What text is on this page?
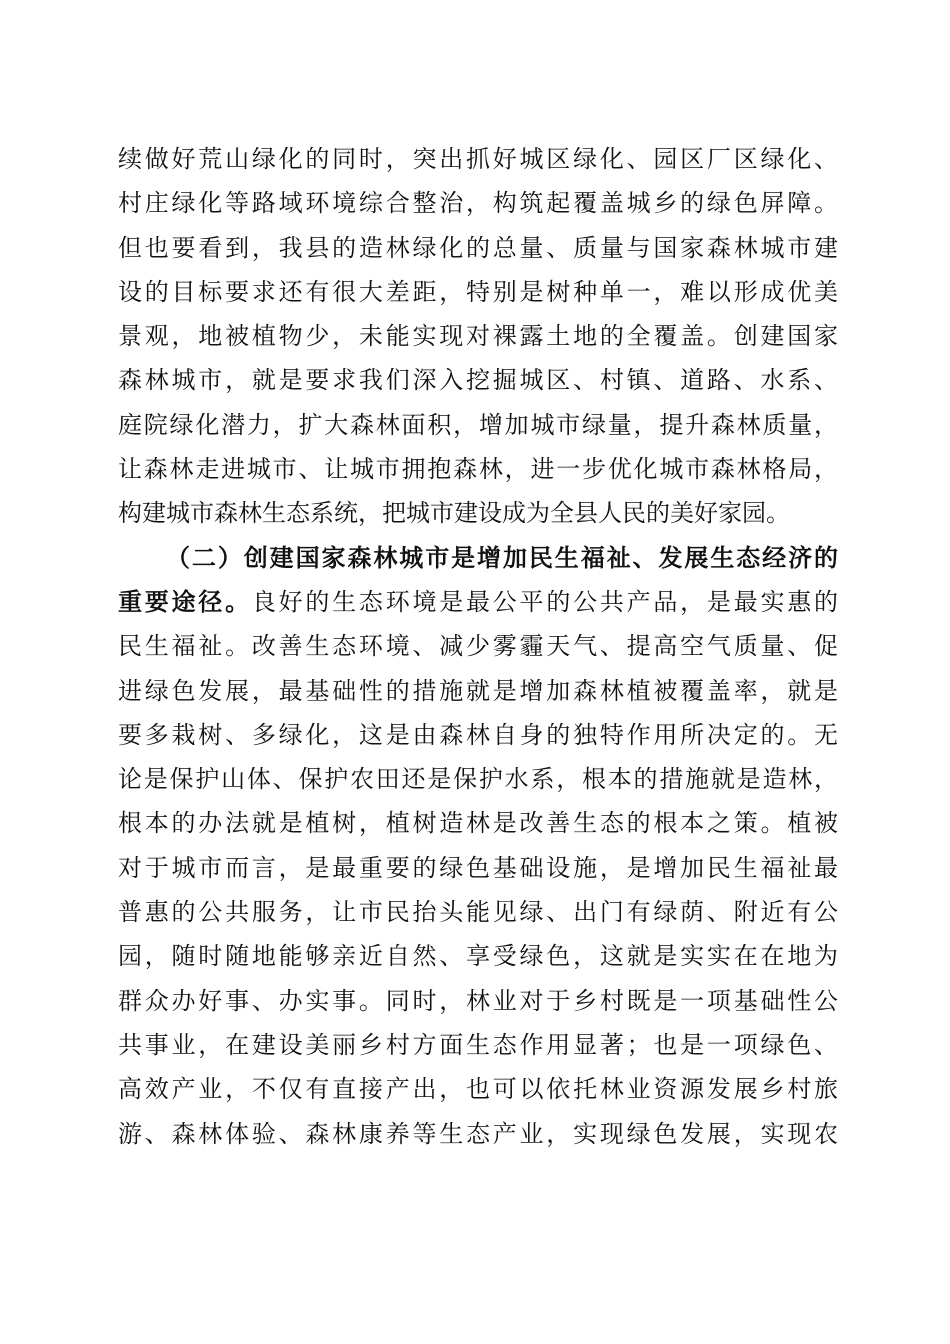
续做好荒山绿化的同时，突出抓好城区绿化、园区厂区绿化、
村庄绿化等路域环境综合整治，构筑起覆盖城乡的绿色屏障。
但也要看到，我县的造林绿化的总量、质量与国家森林城市建
设的目标要求还有很大差距，特别是树种单一，难以形成优美
景观，地被植物少，未能实现对裸露土地的全覆盖。创建国家
森林城市，就是要求我们深入挖掘城区、村镇、道路、水系、
庭院绿化潜力，扩大森林面积，增加城市绿量，提升森林质量，
让森林走进城市、让城市拥抱森林，进一步优化城市森林格局，
构建城市森林生态系统，把城市建设成为全县人民的美好家园。
（二）创建国家森林城市是增加民生福祉、发展生态经济的
重要途径。良好的生态环境是最公平的公共产品，是最实惠的
民生福祉。改善生态环境、减少雾霾天气、提高空气质量、促
进绿色发展，最基础性的措施就是增加森林植被覆盖率，就是
要多栽树、多绿化，这是由森林自身的独特作用所决定的。无
论是保护山体、保护农田还是保护水系，根本的措施就是造林，
根本的办法就是植树，植树造林是改善生态的根本之策。植被
对于城市而言，是最重要的绿色基础设施，是增加民生福祉最
普惠的公共服务，让市民抬头能见绿、出门有绿荫、附近有公
园，随时随地能够亲近自然、享受绿色，这就是实实在在地为
群众办好事、办实事。同时，林业对于乡村既是一项基础性公
共事业，在建设美丽乡村方面生态作用显著；也是一项绿色、
高效产业，不仅有直接产出，也可以依托林业资源发展乡村旅
游、森林体验、森林康养等生态产业，实现绿色发展，实现农
